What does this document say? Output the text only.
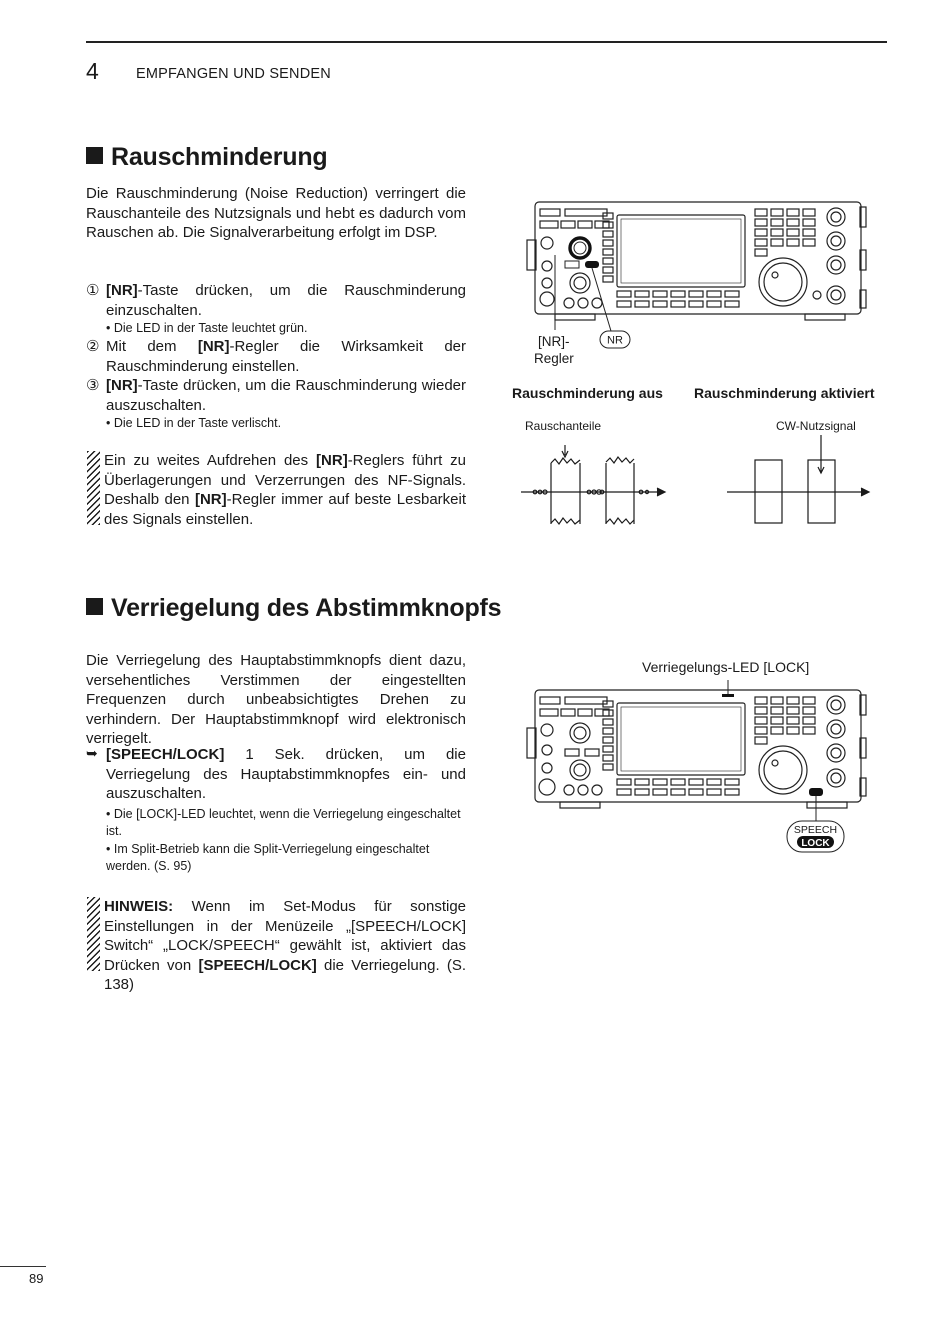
4	EMPFANGEN UND SENDEN
Rauschminderung
Die Rauschminderung (Noise Reduction) verringert die Rauschanteile des Nutzsignals und hebt es dadurch vom Rauschen ab. Die Signalverarbeitung erfolgt im DSP.
① [NR]-Taste drücken, um die Rauschminderung einzuschalten.
• Die LED in der Taste leuchtet grün.
② Mit dem [NR]-Regler die Wirksamkeit der Rauschminderung einstellen.
③ [NR]-Taste drücken, um die Rauschminderung wieder auszuschalten.
• Die LED in der Taste verlischt.
Ein zu weites Aufdrehen des [NR]-Reglers führt zu Überlagerungen und Verzerrungen des NF-Signals. Deshalb den [NR]-Regler immer auf beste Lesbarkeit des Signals einstellen.
[NR]-
Regler
NR
Rauschminderung aus Rauschminderung aktiviert
Rauschanteile	CW-Nutzsignal
Verriegelung des Abstimmknopfs
Die Verriegelung des Hauptabstimmknopfs dient dazu, versehentliches Verstimmen der eingestellten Frequenzen durch unbeabsichtigtes Drehen zu verhindern. Der Hauptabstimmknopf wird elektronisch verriegelt.
➥ [SPEECH/LOCK] 1 Sek. drücken, um die Verriegelung des Hauptabstimmknopfes ein- und auszuschalten.
• Die [LOCK]-LED leuchtet, wenn die Verriegelung eingeschaltet ist.
• Im Split-Betrieb kann die Split-Verriegelung eingeschaltet werden. (S. 95)
HINWEIS: Wenn im Set-Modus für sonstige Einstellungen in der Menüzeile „[SPEECH/LOCK] Switch“ „LOCK/SPEECH“ gewählt ist, aktiviert das Drücken von [SPEECH/LOCK] die Verriegelung. (S. 138)
Verriegelungs-LED [LOCK]
SPEECH
LOCK
89
